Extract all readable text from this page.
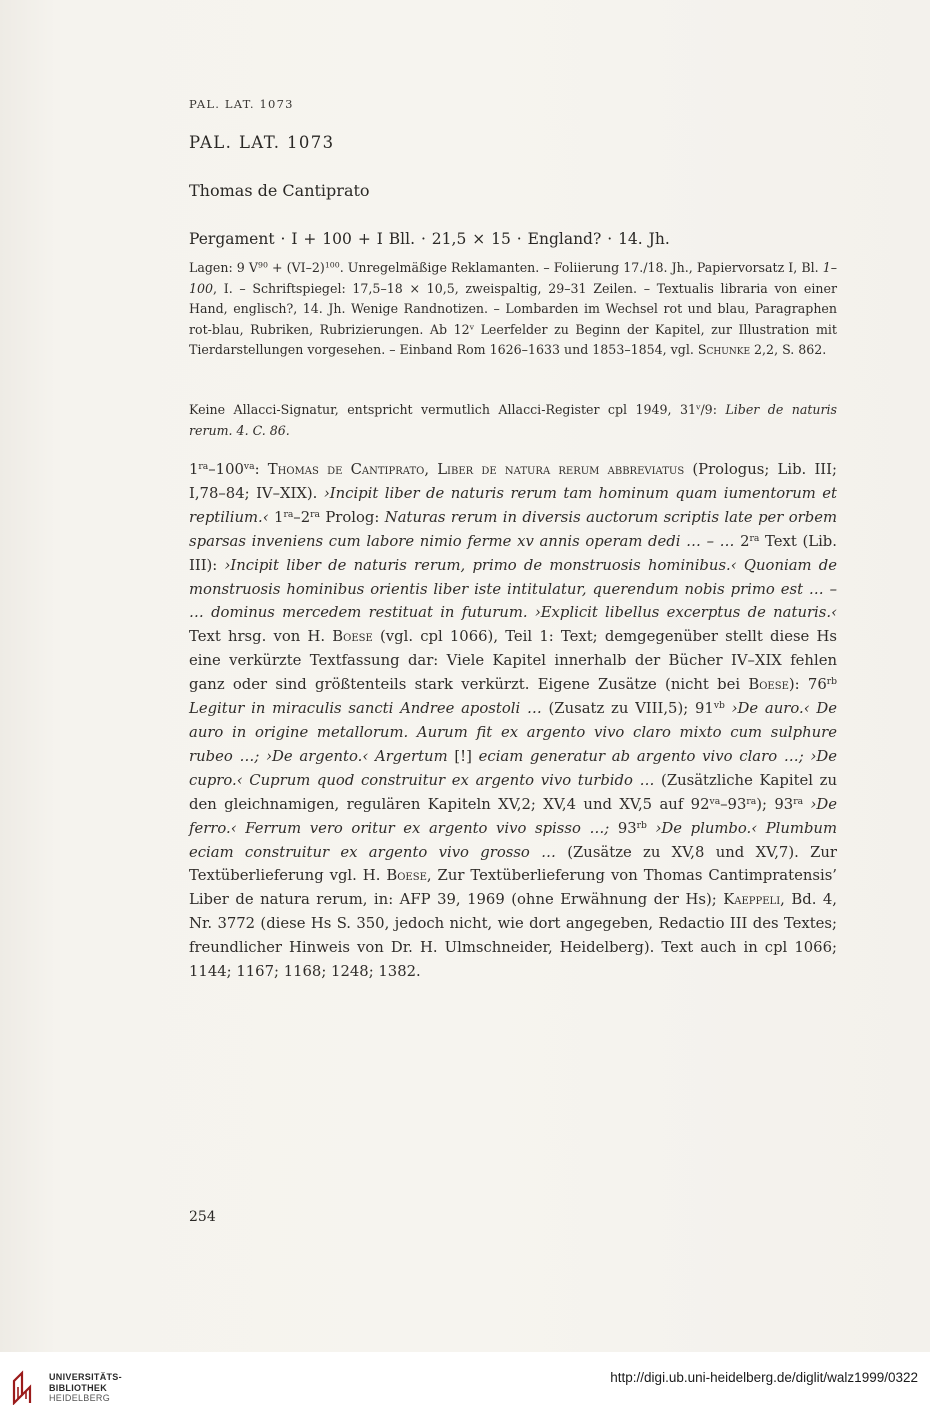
PAL. LAT. 1073
PAL. LAT. 1073
Thomas de Cantiprato
Pergament · I + 100 + I Bll. · 21,5 × 15 · England? · 14. Jh.
Lagen: 9 $V^{90} + (VI-2)^{100}$. Unregelmäßige Reklamanten. – Foliierung 17./18. Jh., Papiervorsatz I, Bl. 1–100, I. – Schriftspiegel: 17,5–18 × 10,5, zweispaltig, 29–31 Zeilen. – Textualis libraria von einer Hand, englisch?, 14. Jh. Wenige Randnotizen. – Lombarden im Wechsel rot und blau, Paragraphen rot-blau, Rubriken, Rubrizierungen. Ab 12$^v$ Leerfelder zu Beginn der Kapitel, zur Illustration mit Tierdarstellungen vorgesehen. – Einband Rom 1626–1633 und 1853–1854, vgl. Schunke 2,2, S. 862.
Keine Allacci-Signatur, entspricht vermutlich Allacci-Register cpl 1949, 31$^v$/9: Liber de naturis rerum. 4. C. 86.
$1^{ra}-100^{va}$: Thomas de Cantiprato, Liber de natura rerum abbreviatus (Prologus; Lib. III; I,78–84; IV–XIX). ›Incipit liber de naturis rerum tam hominum quam iumentorum et reptilium.‹ $1^{ra}-2^{ra}$ Prolog: Naturas rerum in diversis auctorum scriptis late per orbem sparsas inveniens cum labore nimio ferme xv annis operam dedi … – … $2^{ra}$ Text (Lib. III): ›Incipit liber de naturis rerum, primo de monstruosis hominibus.‹ Quoniam de monstruosis hominibus orientis liber iste intitulatur, querendum nobis primo est … – … dominus mercedem restituat in futurum. ›Explicit libellus excerptus de naturis.‹ Text hrsg. von H. Boese (vgl. cpl 1066), Teil 1: Text; demgegenüber stellt diese Hs eine verkürzte Textfassung dar: Viele Kapitel innerhalb der Bücher IV–XIX fehlen ganz oder sind größtenteils stark verkürzt. Eigene Zusätze (nicht bei Boese): $76^{rb}$ Legitur in miraculis sancti Andree apostoli … (Zusatz zu VIII,5); $91^{vb}$ ›De auro.‹ De auro in origine metallorum. Aurum fit ex argento vivo claro mixto cum sulphure rubeo …; ›De argento.‹ Argertum [!] eciam generatur ab argento vivo claro …; ›De cupro.‹ Cuprum quod construitur ex argento vivo turbido … (Zusätzliche Kapitel zu den gleichnamigen, regulären Kapiteln XV,2; XV,4 und XV,5 auf $92^{va}-93^{ra}$); $93^{ra}$ ›De ferro.‹ Ferrum vero oritur ex argento vivo spisso …; $93^{rb}$ ›De plumbo.‹ Plumbum eciam construitur ex argento vivo grosso … (Zusätze zu XV,8 und XV,7). Zur Textüberlieferung vgl. H. Boese, Zur Textüberlieferung von Thomas Cantimpratensis’ Liber de natura rerum, in: AFP 39, 1969 (ohne Erwähnung der Hs); Kaeppeli, Bd. 4, Nr. 3772 (diese Hs S. 350, jedoch nicht, wie dort angegeben, Redactio III des Textes; freundlicher Hinweis von Dr. H. Ulmschneider, Heidelberg). Text auch in cpl 1066; 1144; 1167; 1168; 1248; 1382.
254
UNIVERSITÄTS-
BIBLIOTHEK
HEIDELBERG
http://digi.ub.uni-heidelberg.de/diglit/walz1999/0322
